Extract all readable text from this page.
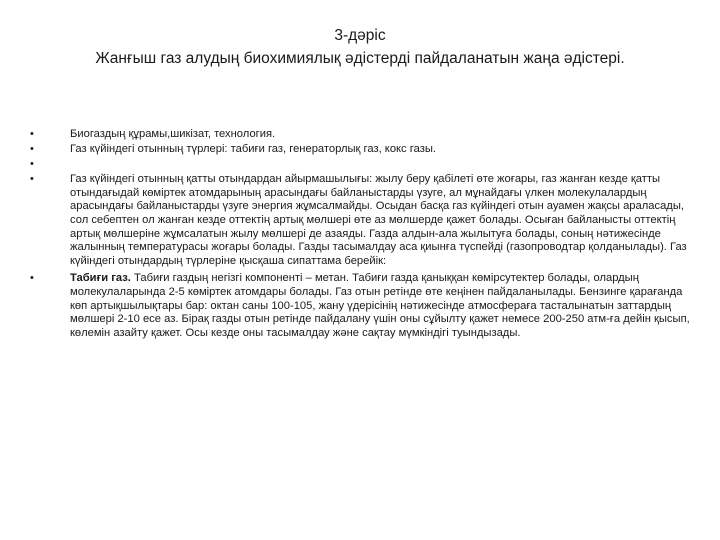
3-дәріс
Жанғыш газ алудың биохимиялық әдістерді пайдаланатын жаңа әдістері.
•	Биогаздың құрамы,шикізат, технология.
•	Газ күйіндегі отынның түрлері: табиғи газ, генераторлық газ, кокс газы.
•
•	Газ күйіндегі отынның қатты отындардан айырмашылығы: жылу беру қабілеті өте жоғары, газ жанған кезде қатты отындағыдай көміртек атомдарының арасындағы байланыстарды үзуге, ал мұнайдағы үлкен молекулалардың арасындағы байланыстарды үзуге энергия жұмсалмайды. Осыдан басқа газ күйіндегі отын ауамен жақсы араласады, сол себептен ол жанған кезде оттектің артық мөлшері өте аз мөлшерде қажет болады. Осыған байланысты оттектің артық мөлшеріне жұмсалатын жылу мөлшері де азаяды. Газда алдын-ала жылытуға болады, соның нәтижесінде жалынның температурасы жоғары болады. Газды тасымалдау аса қиынға түспейді (газопроводтар қолданылады). Газ күйіндегі отындардың түрлеріне қысқаша сипаттама берейік:
•	Табиғи газ. Табиғи газдың негізгі компоненті – метан. Табиғи газда қаныққан көмірсутектер болады, олардың молекулаларында 2-5 көміртек атомдары болады. Газ отын ретінде өте кеңінен пайдаланылады. Бензинге қарағанда көп артықшылықтары бар: октан саны 100-105, жану үдерісінің нәтижесінде атмосфераға тасталынатын заттардың мөлшері 2-10 есе аз. Бірақ газды отын ретінде пайдалану үшін оны сұйылту қажет немесе 200-250 атм-ға дейін қысып, көлемін азайту қажет. Осы кезде оны тасымалдау және сақтау мүмкіндігі туындызады.
